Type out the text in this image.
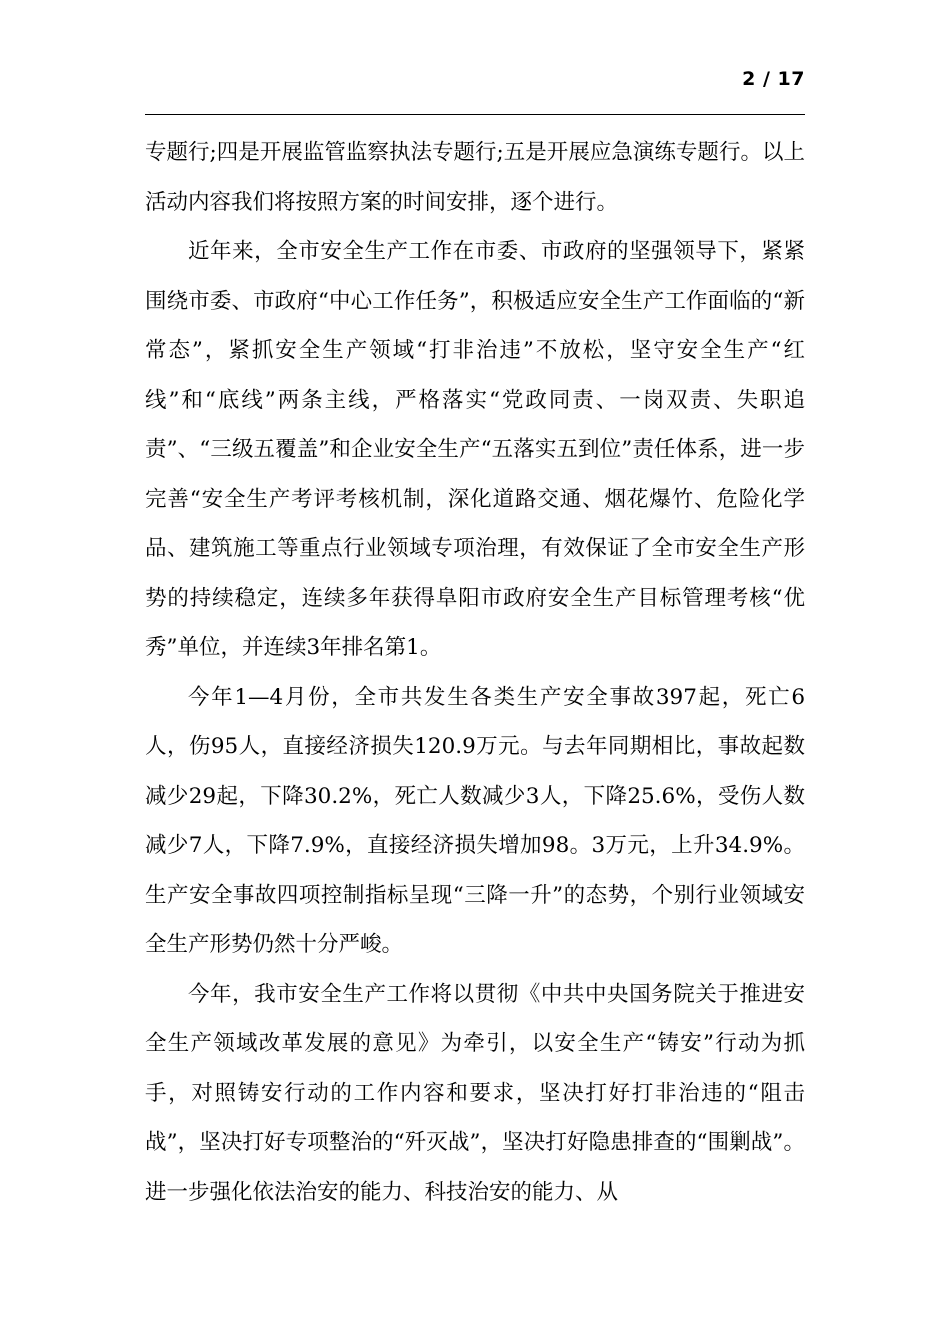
2 / 17

专题行;四是开展监管监察执法专题行;五是开展应急演练专题行。以上活动内容我们将按照方案的时间安排，逐个进行。

近年来，全市安全生产工作在市委、市政府的坚强领导下，紧紧围绕市委、市政府“中心工作任务”，积极适应安全生产工作面临的“新常态”，紧抓安全生产领域“打非治违”不放松，坚守安全生产“红线”和“底线”两条主线，严格落实“党政同责、一岗双责、失职追责”、“三级五覆盖”和企业安全生产“五落实五到位”责任体系，进一步完善“安全生产考评考核机制，深化道路交通、烟花爆竹、危险化学品、建筑施工等重点行业领域专项治理，有效保证了全市安全生产形势的持续稳定，连续多年获得阜阳市政府安全生产目标管理考核“优秀”单位，并连续3年排名第1。

今年1—4月份，全市共发生各类生产安全事故397起，死亡6人，伤95人，直接经济损失120.9万元。与去年同期相比，事故起数减少29起，下降30.2%，死亡人数减少3人，下降25.6%，受伤人数减少7人，下降7.9%，直接经济损失增加98。3万元，上升34.9%。生产安全事故四项控制指标呈现“三降一升”的态势，个别行业领域安全生产形势仍然十分严峻。

今年，我市安全生产工作将以贯彻《中共中央国务院关于推进安全生产领域改革发展的意见》为牵引，以安全生产“铸安”行动为抓手，对照铸安行动的工作内容和要求，坚决打好打非治违的“阻击战”，坚决打好专项整治的“歼灭战”，坚决打好隐患排查的“围剿战”。进一步强化依法治安的能力、科技治安的能力、从
